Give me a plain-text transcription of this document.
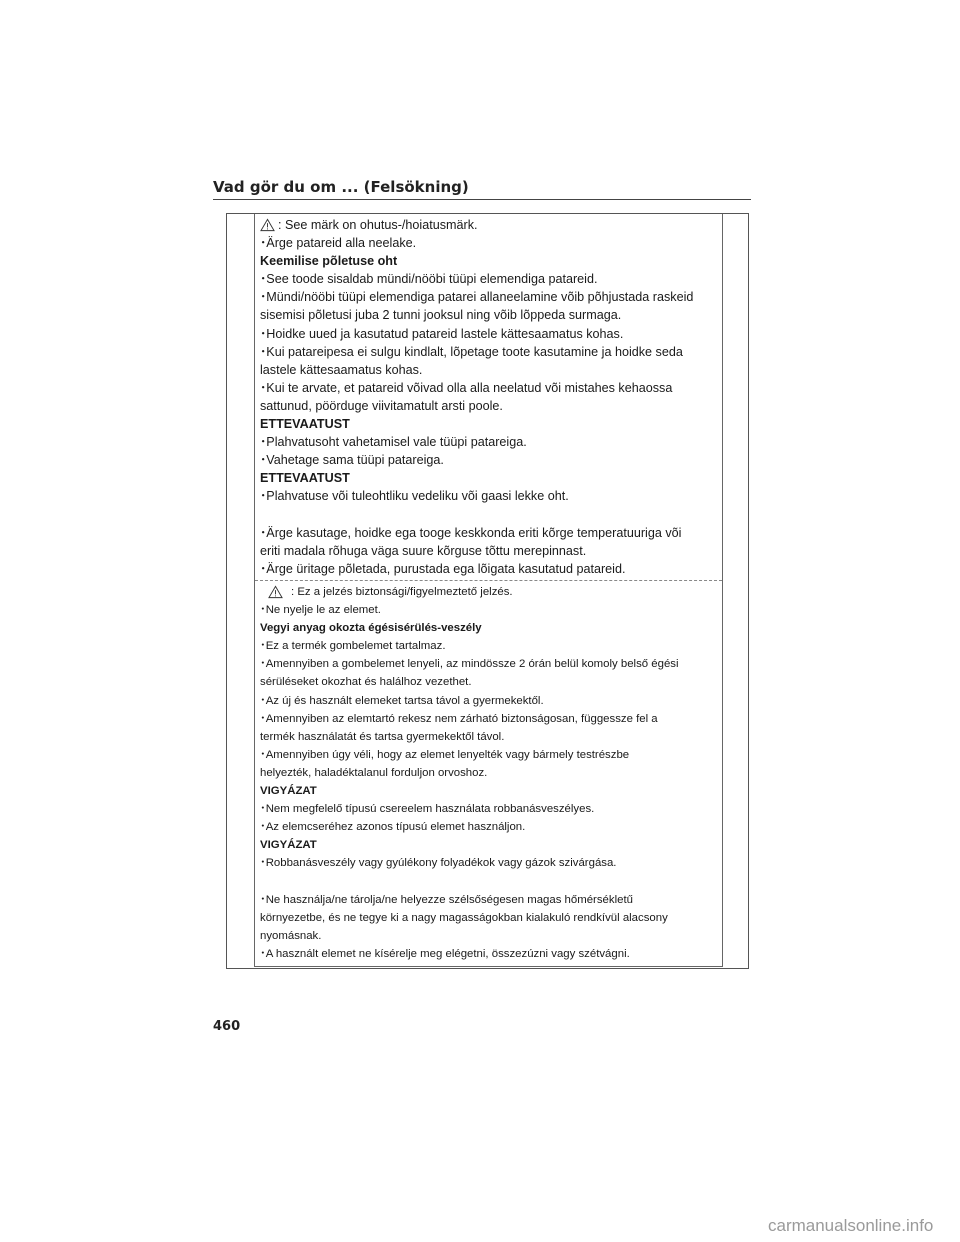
Vad gör du om ... (Felsökning)
: See märk on ohutus-/hoiatusmärk.
･Ärge patareid alla neelake.
Keemilise põletuse oht
･See toode sisaldab mündi/nööbi tüüpi elemendiga patareid.
･Mündi/nööbi tüüpi elemendiga patarei allaneelamine võib põhjustada raskeid
sisemisi põletusi juba 2 tunni jooksul ning võib lõppeda surmaga.
･Hoidke uued ja kasutatud patareid lastele kättesaamatus kohas.
･Kui patareipesa ei sulgu kindlalt, lõpetage toote kasutamine ja hoidke seda
lastele kättesaamatus kohas.
･Kui te arvate, et patareid võivad olla alla neelatud või mistahes kehaossa
sattunud, pöörduge viivitamatult arsti poole.
ETTEVAATUST
･Plahvatusoht vahetamisel vale tüüpi patareiga.
･Vahetage sama tüüpi patareiga.
ETTEVAATUST
･Plahvatuse või tuleohtliku vedeliku või gaasi lekke oht.
･Ärge kasutage, hoidke ega tooge keskkonda eriti kõrge temperatuuriga või
eriti madala rõhuga väga suure kõrguse tõttu merepinnast.
･Ärge üritage põletada, purustada ega lõigata kasutatud patareid.
: Ez a jelzés biztonsági/figyelmeztető jelzés.
･Ne nyelje le az elemet.
Vegyi anyag okozta égésisérülés-veszély
･Ez a termék gombelemet tartalmaz.
･Amennyiben a gombelemet lenyeli, az mindössze 2 órán belül komoly belső égési
sérüléseket okozhat és halálhoz vezethet.
･Az új és használt elemeket tartsa távol a gyermekektől.
･Amennyiben az elemtartó rekesz nem zárható biztonságosan, függessze fel a
termék használatát és tartsa gyermekektől távol.
･Amennyiben úgy véli, hogy az elemet lenyelték vagy bármely testrészbe
helyezték, haladéktalanul forduljon orvoshoz.
VIGYÁZAT
･Nem megfelelő típusú csereelem használata robbanásveszélyes.
･Az elemcseréhez azonos típusú elemet használjon.
VIGYÁZAT
･Robbanásveszély vagy gyúlékony folyadékok vagy gázok szivárgása.
･Ne használja/ne tárolja/ne helyezze szélsőségesen magas hőmérsékletű
környezetbe, és ne tegye ki a nagy magasságokban kialakuló rendkívül alacsony
nyomásnak.
･A használt elemet ne kísérelje meg elégetni, összezúzni vagy szétvágni.
460
carmanualsonline.info
